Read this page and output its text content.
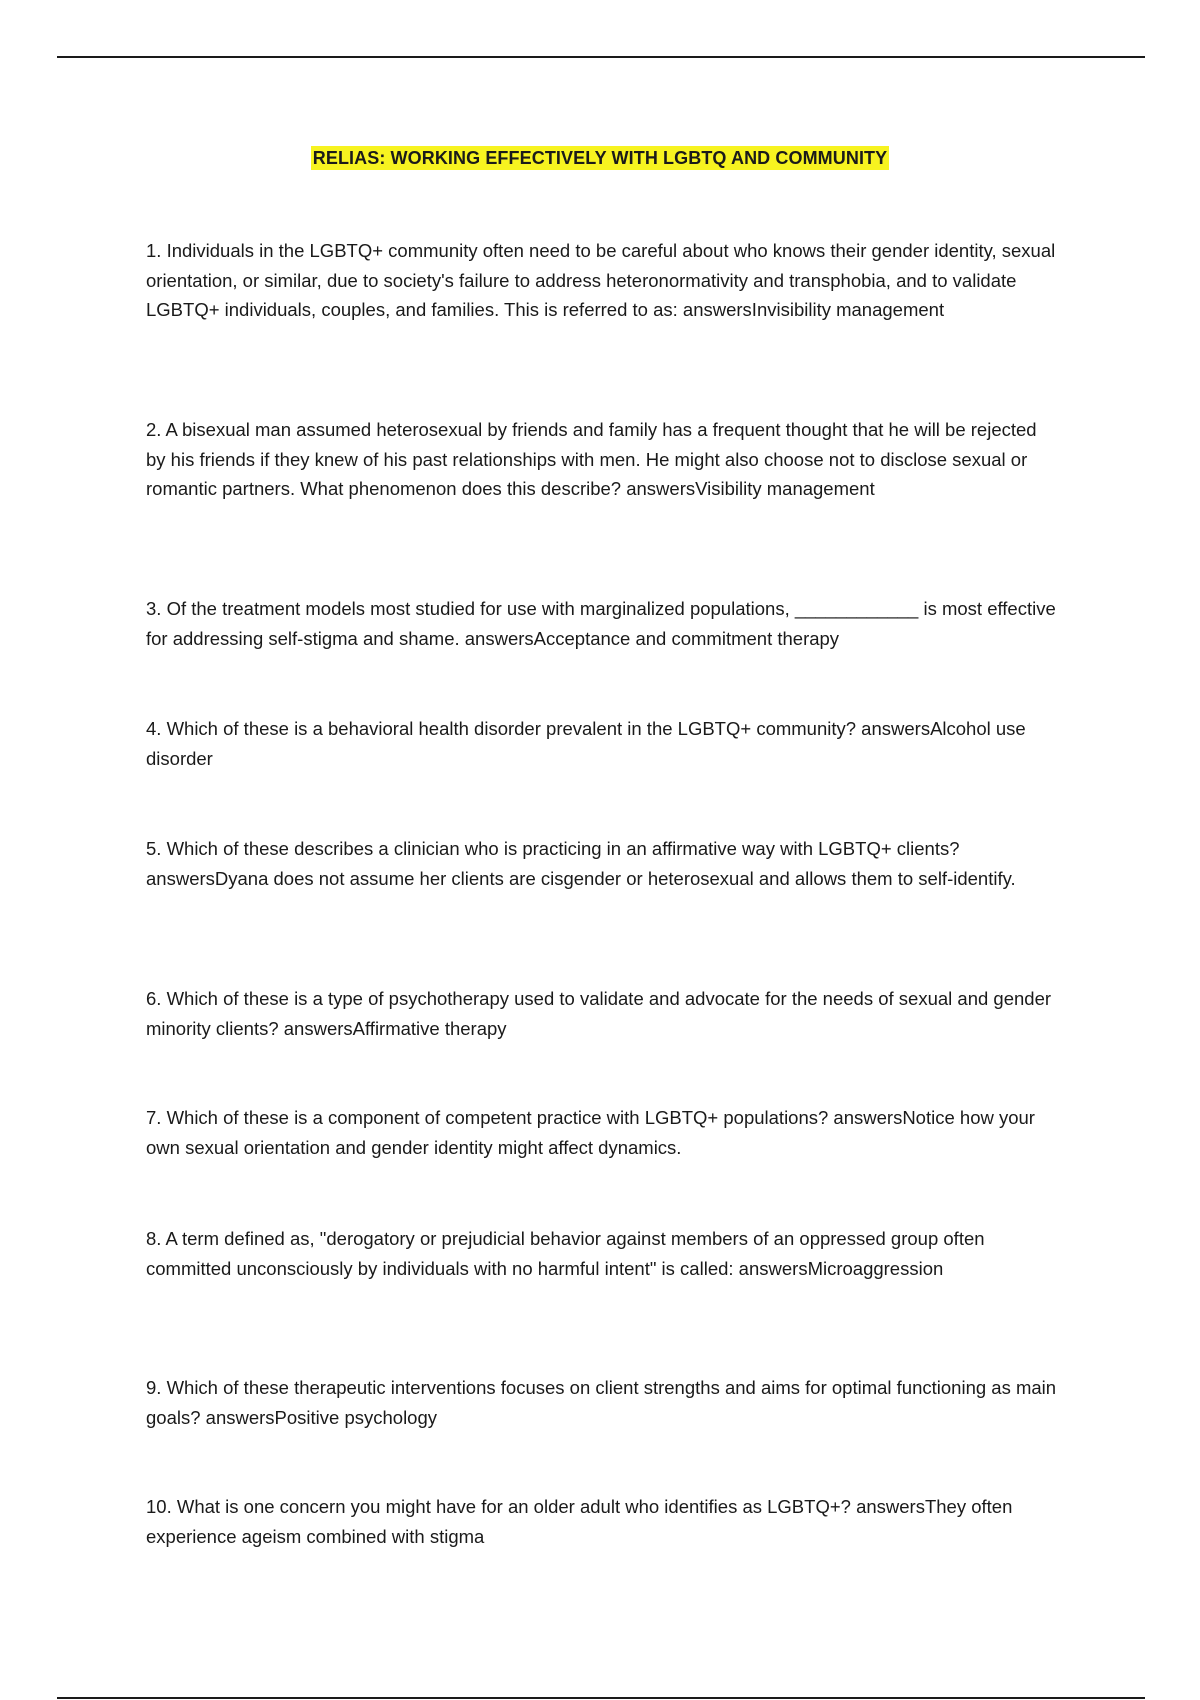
RELIAS: WORKING EFFECTIVELY WITH LGBTQ AND COMMUNITY

1. Individuals in the LGBTQ+ community often need to be careful about who knows their gender identity, sexual orientation, or similar, due to society's failure to address heteronormativity and transphobia, and to validate LGBTQ+ individuals, couples, and families. This is referred to as: answersInvisibility management

2. A bisexual man assumed heterosexual by friends and family has a frequent thought that he will be rejected by his friends if they knew of his past relationships with men. He might also choose not to disclose sexual or romantic partners. What phenomenon does this describe? answersVisibility management

3. Of the treatment models most studied for use with marginalized populations, ____________ is most effective for addressing self-stigma and shame. answersAcceptance and commitment therapy

4. Which of these is a behavioral health disorder prevalent in the LGBTQ+ community? answersAlcohol use disorder

5. Which of these describes a clinician who is practicing in an affirmative way with LGBTQ+ clients? answersDyana does not assume her clients are cisgender or heterosexual and allows them to self-identify.

6. Which of these is a type of psychotherapy used to validate and advocate for the needs of sexual and gender minority clients? answersAffirmative therapy

7. Which of these is a component of competent practice with LGBTQ+ populations? answersNotice how your own sexual orientation and gender identity might affect dynamics.

8. A term defined as, "derogatory or prejudicial behavior against members of an oppressed group often committed unconsciously by individuals with no harmful intent" is called: answersMicroaggression

9. Which of these therapeutic interventions focuses on client strengths and aims for optimal functioning as main goals? answersPositive psychology

10. What is one concern you might have for an older adult who identifies as LGBTQ+? answersThey often experience ageism combined with stigma
